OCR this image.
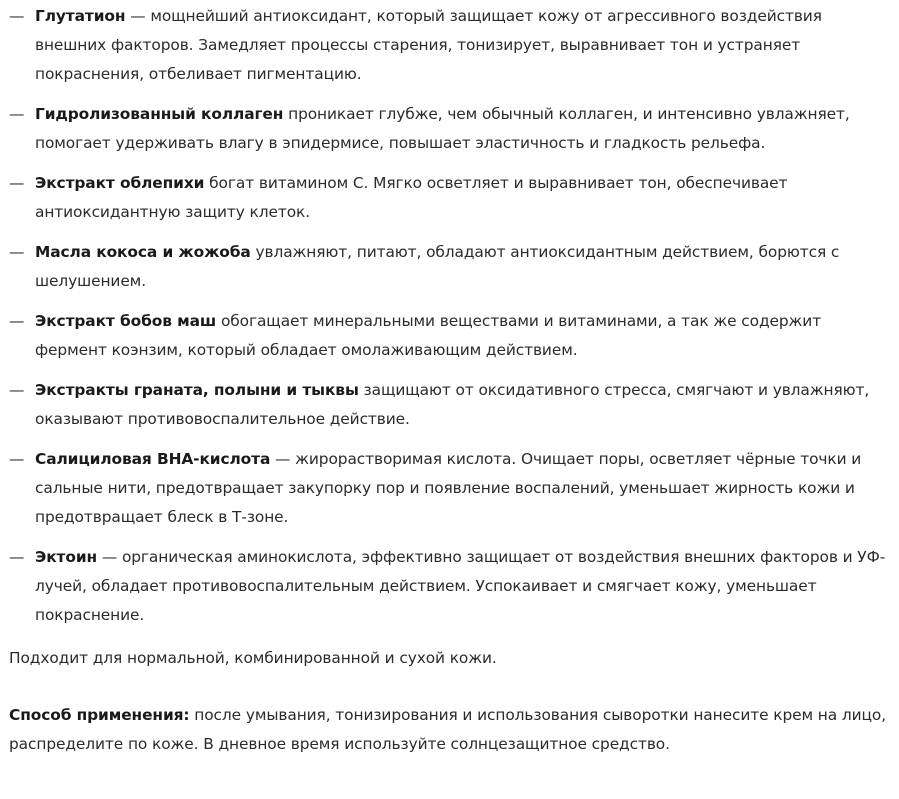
— Глутатион — мощнейший антиоксидант, который защищает кожу от агрессивного воздействия внешних факторов. Замедляет процессы старения, тонизирует, выравнивает тон и устраняет покраснения, отбеливает пигментацию.
— Гидролизованный коллаген проникает глубже, чем обычный коллаген, и интенсивно увлажняет, помогает удерживать влагу в эпидермисе, повышает эластичность и гладкость рельефа.
— Экстракт облепихи богат витамином С. Мягко осветляет и выравнивает тон, обеспечивает антиоксидантную защиту клеток.
— Масла кокоса и жожоба увлажняют, питают, обладают антиоксидантным действием, борются с шелушением.
— Экстракт бобов маш обогащает минеральными веществами и витаминами, а так же содержит фермент коэнзим, который обладает омолаживающим действием.
— Экстракты граната, полыни и тыквы защищают от оксидативного стресса, смягчают и увлажняют, оказывают противовоспалительное действие.
— Салициловая BHA-кислота — жирорастворимая кислота. Очищает поры, осветляет чёрные точки и сальные нити, предотвращает закупорку пор и появление воспалений, уменьшает жирность кожи и предотвращает блеск в Т-зоне.
— Эктоин — органическая аминокислота, эффективно защищает от воздействия внешних факторов и УФ-лучей, обладает противовоспалительным действием. Успокаивает и смягчает кожу, уменьшает покраснение.

Подходит для нормальной, комбинированной и сухой кожи.

Способ применения: после умывания, тонизирования и использования сыворотки нанесите крем на лицо, распределите по коже. В дневное время используйте солнцезащитное средство.
